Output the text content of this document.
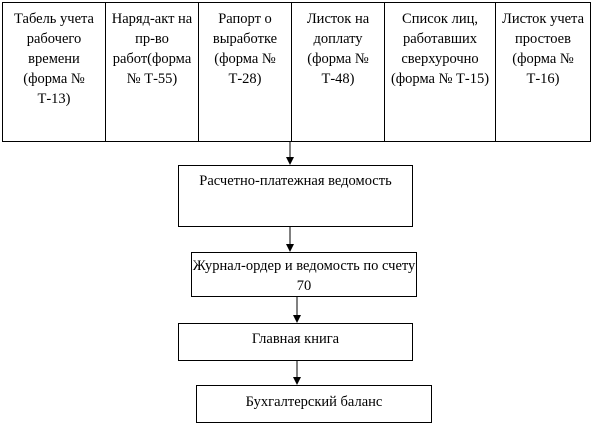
Табель учета рабочего времени (форма № Т-13)	Наряд-акт на пр-во работ(формa № Т-55)	Рапорт о выработке (форма № Т-28)	Листок на доплату (форма № Т-48)	Список лиц, работавших сверхурочно (форма № Т-15)	Листок учета простоев (форма № Т-16)
Расчетно-платежная ведомость
Журнал-ордер и ведомость по счету 70
Главная книга
Бухгалтерский баланс
